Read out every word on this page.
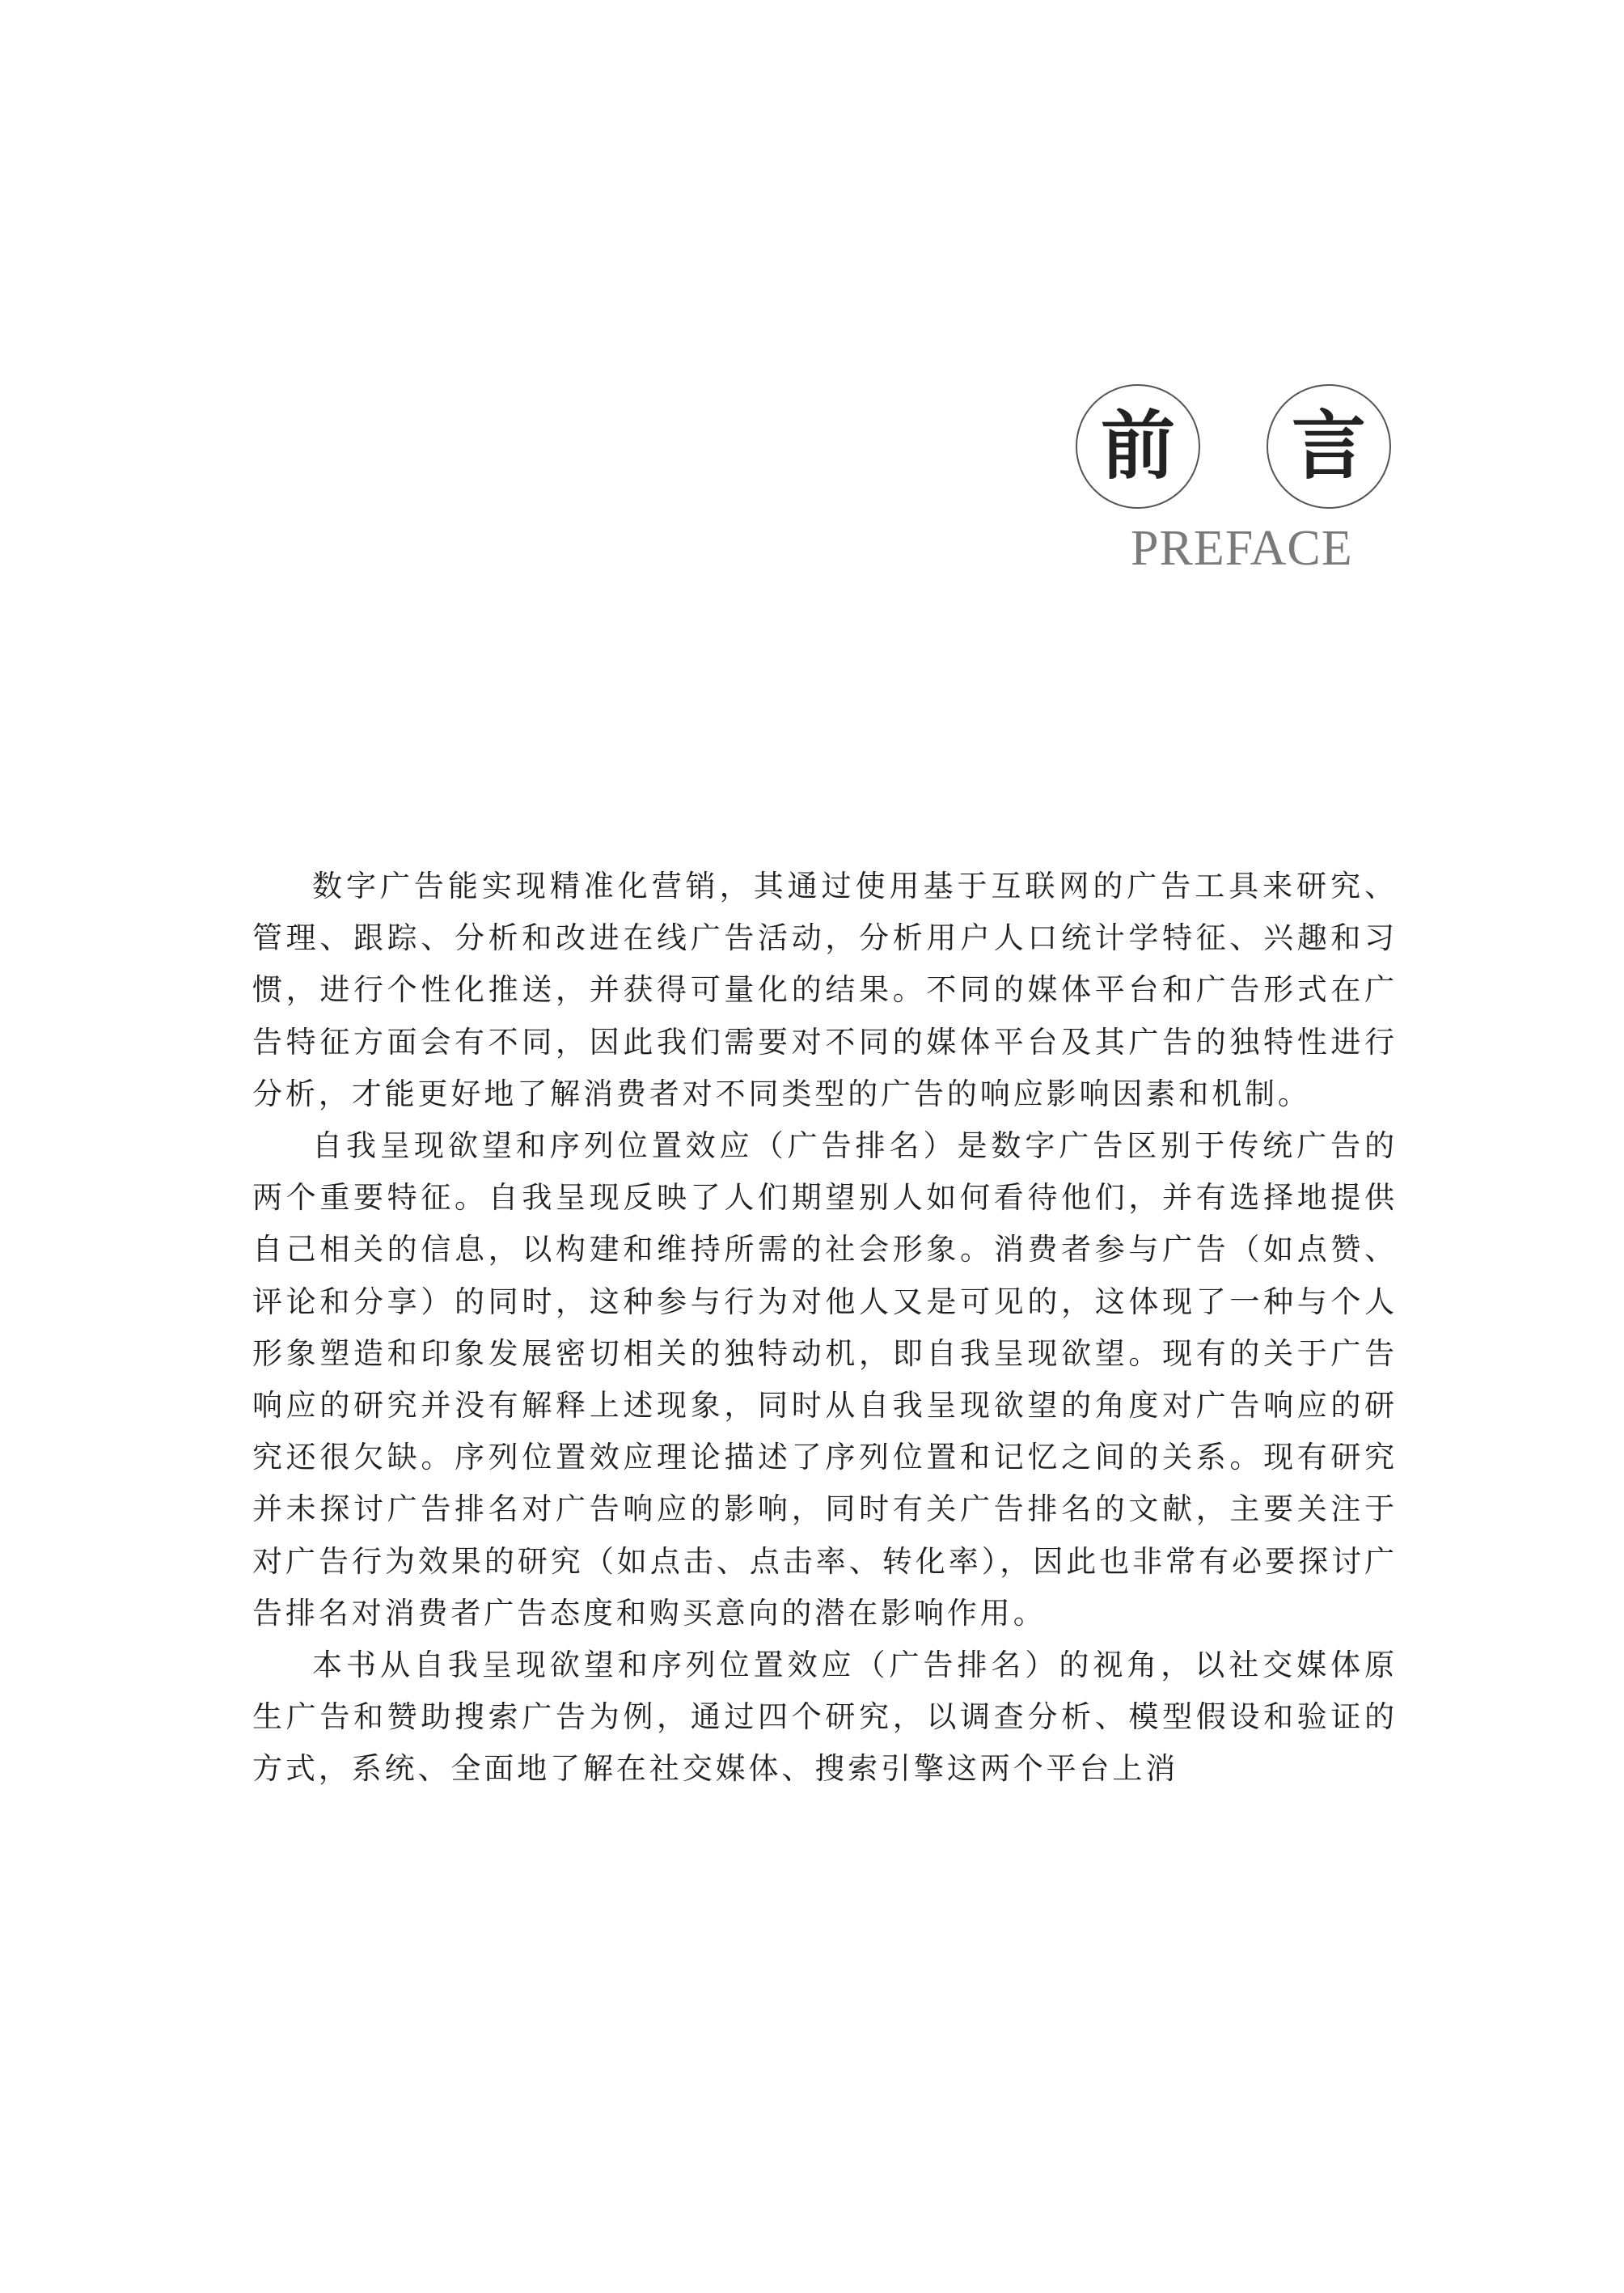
前 言
PREFACE

数字广告能实现精准化营销，其通过使用基于互联网的广告工具来研究、管理、跟踪、分析和改进在线广告活动，分析用户人口统计学特征、兴趣和习惯，进行个性化推送，并获得可量化的结果。不同的媒体平台和广告形式在广告特征方面会有不同，因此我们需要对不同的媒体平台及其广告的独特性进行分析，才能更好地了解消费者对不同类型的广告的响应影响因素和机制。

自我呈现欲望和序列位置效应（广告排名）是数字广告区别于传统广告的两个重要特征。自我呈现反映了人们期望别人如何看待他们，并有选择地提供自己相关的信息，以构建和维持所需的社会形象。消费者参与广告（如点赞、评论和分享）的同时，这种参与行为对他人又是可见的，这体现了一种与个人形象塑造和印象发展密切相关的独特动机，即自我呈现欲望。现有的关于广告响应的研究并没有解释上述现象，同时从自我呈现欲望的角度对广告响应的研究还很欠缺。序列位置效应理论描述了序列位置和记忆之间的关系。现有研究并未探讨广告排名对广告响应的影响，同时有关广告排名的文献，主要关注于对广告行为效果的研究（如点击、点击率、转化率），因此也非常有必要探讨广告排名对消费者广告态度和购买意向的潜在影响作用。

本书从自我呈现欲望和序列位置效应（广告排名）的视角，以社交媒体原生广告和赞助搜索广告为例，通过四个研究，以调查分析、模型假设和验证的方式，系统、全面地了解在社交媒体、搜索引擎这两个平台上消
